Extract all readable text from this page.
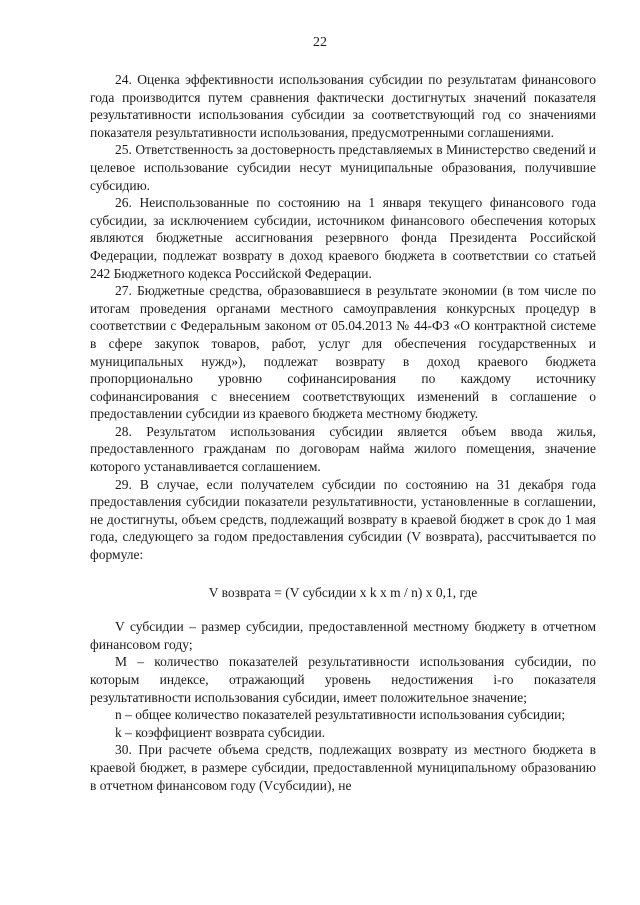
22

24. Оценка эффективности использования субсидии по результатам финансового года производится путем сравнения фактически достигнутых значений показателя результативности использования субсидии за соответствующий год со значениями показателя результативности использования, предусмотренными соглашениями.

25. Ответственность за достоверность представляемых в Министерство сведений и целевое использование субсидии несут муниципальные образования, получившие субсидию.

26. Неиспользованные по состоянию на 1 января текущего финансового года субсидии, за исключением субсидии, источником финансового обеспечения которых являются бюджетные ассигнования резервного фонда Президента Российской Федерации, подлежат возврату в доход краевого бюджета в соответствии со статьей 242 Бюджетного кодекса Российской Федерации.

27. Бюджетные средства, образовавшиеся в результате экономии (в том числе по итогам проведения органами местного самоуправления конкурсных процедур в соответствии с Федеральным законом от 05.04.2013 № 44-ФЗ «О контрактной системе в сфере закупок товаров, работ, услуг для обеспечения государственных и муниципальных нужд»), подлежат возврату в доход краевого бюджета пропорционально уровню софинансирования по каждому источнику софинансирования с внесением соответствующих изменений в соглашение о предоставлении субсидии из краевого бюджета местному бюджету.

28. Результатом использования субсидии является объем ввода жилья, предоставленного гражданам по договорам найма жилого помещения, значение которого устанавливается соглашением.

29. В случае, если получателем субсидии по состоянию на 31 декабря года предоставления субсидии показатели результативности, установленные в соглашении, не достигнуты, объем средств, подлежащий возврату в краевой бюджет в срок до 1 мая года, следующего за годом предоставления субсидии (V возврата), рассчитывается по формуле:

V возврата = (V субсидии x k x m / n) x 0,1, где

V субсидии – размер субсидии, предоставленной местному бюджету в отчетном финансовом году;

M – количество показателей результативности использования субсидии, по которым индексе, отражающий уровень недостижения i-го показателя результативности использования субсидии, имеет положительное значение;

n – общее количество показателей результативности использования субсидии;

k – коэффициент возврата субсидии.

30. При расчете объема средств, подлежащих возврату из местного бюджета в краевой бюджет, в размере субсидии, предоставленной муниципальному образованию в отчетном финансовом году (Vсубсидии), не
